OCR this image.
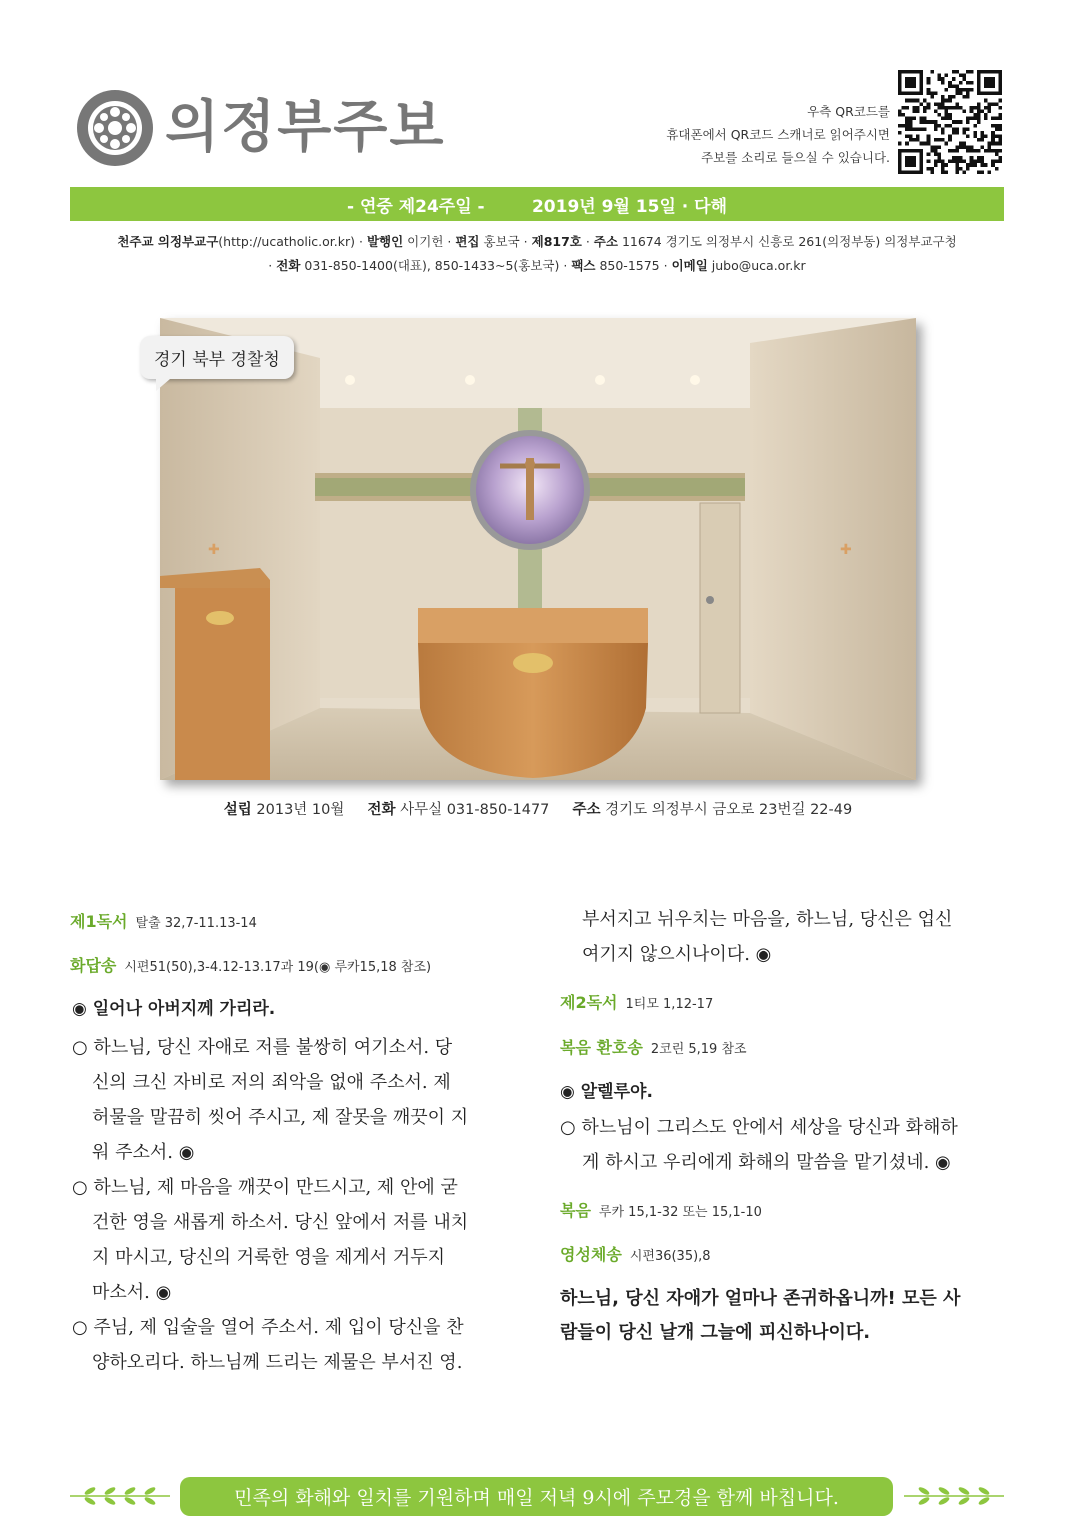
의정부주보	우측 QR코드를
휴대폰에서 QR코드 스캐너로 읽어주시면
주보를 소리로 들으실 수 있습니다.
- 연중 제24주일 -
	2019년 9월 15일 · 다해
천주교 의정부교구(http://ucatholic.or.kr) · 발행인 이기헌 · 편집 홍보국 · 제817호 · 주소 11674 경기도 의정부시 신흥로 261(의정부동) 의정부교구청
· 전화 031-850-1400(대표), 850-1433~5(홍보국) · 팩스 850-1575 · 이메일 jubo@uca.or.kr
✚	✚
경기 북부 경찰청
설립 2013년 10월 전화 사무실 031-850-1477 주소 경기도 의정부시 금오로 23번길 22-49
제1독서 탈출 32,7-11.13-14
화답송 시편51(50),3-4.12-13.17과 19(◉ 루카15,18 참조)
◉ 일어나 아버지께 가리라.
○ 하느님, 당신 자애로 저를 불쌍히 여기소서. 당
신의 크신 자비로 저의 죄악을 없애 주소서. 제
허물을 말끔히 씻어 주시고, 제 잘못을 깨끗이 지
워 주소서. ◉
○ 하느님, 제 마음을 깨끗이 만드시고, 제 안에 굳
건한 영을 새롭게 하소서. 당신 앞에서 저를 내치
지 마시고, 당신의 거룩한 영을 제게서 거두지
마소서. ◉
○ 주님, 제 입술을 열어 주소서. 제 입이 당신을 찬
양하오리다. 하느님께 드리는 제물은 부서진 영.
부서지고 뉘우치는 마음을, 하느님, 당신은 업신
여기지 않으시나이다. ◉
제2독서 1티모 1,12-17
복음 환호송 2코린 5,19 참조
◉ 알렐루야.
○ 하느님이 그리스도 안에서 세상을 당신과 화해하
게 하시고 우리에게 화해의 말씀을 맡기셨네. ◉
복음 루카 15,1-32 또는 15,1-10
영성체송 시편36(35),8
하느님, 당신 자애가 얼마나 존귀하옵니까! 모든 사
람들이 당신 날개 그늘에 피신하나이다.
민족의 화해와 일치를 기원하며 매일 저녁 9시에 주모경을 함께 바칩니다.
